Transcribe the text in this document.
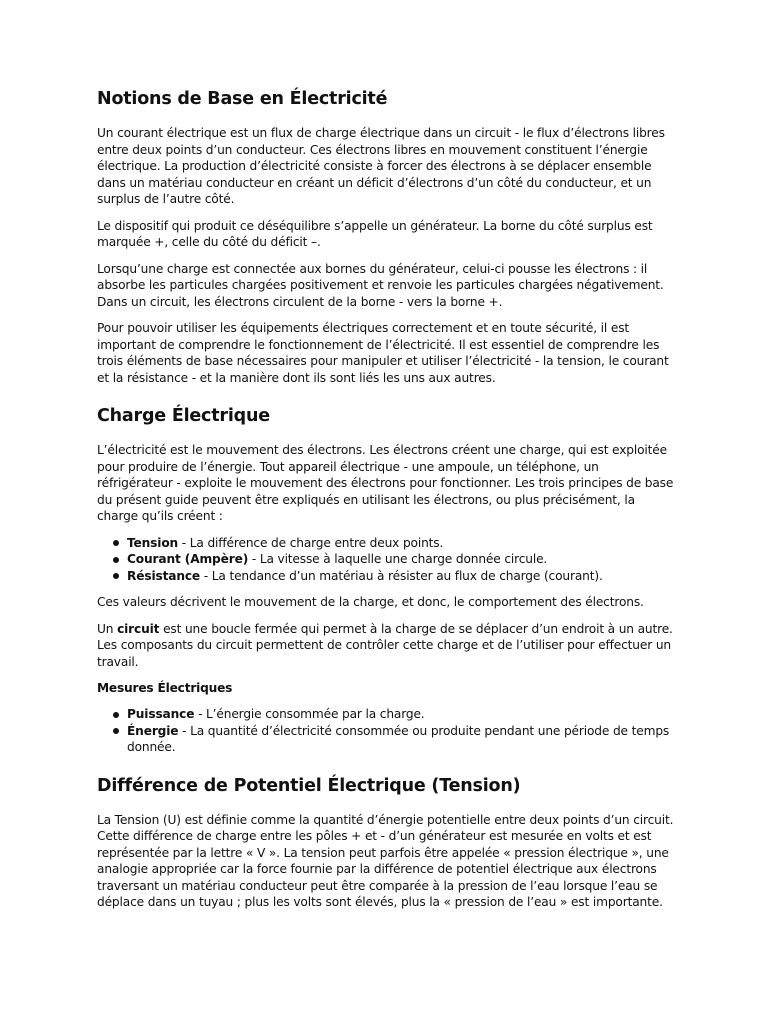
Notions de Base en Électricité

Un courant électrique est un flux de charge électrique dans un circuit - le flux d’électrons libres entre deux points d’un conducteur. Ces électrons libres en mouvement constituent l’énergie électrique. La production d’électricité consiste à forcer des électrons à se déplacer ensemble dans un matériau conducteur en créant un déficit d’électrons d’un côté du conducteur, et un surplus de l’autre côté.

Le dispositif qui produit ce déséquilibre s’appelle un générateur. La borne du côté surplus est marquée +, celle du côté du déficit –.

Lorsqu’une charge est connectée aux bornes du générateur, celui-ci pousse les électrons : il absorbe les particules chargées positivement et renvoie les particules chargées négativement. Dans un circuit, les électrons circulent de la borne - vers la borne +.

Pour pouvoir utiliser les équipements électriques correctement et en toute sécurité, il est important de comprendre le fonctionnement de l’électricité. Il est essentiel de comprendre les trois éléments de base nécessaires pour manipuler et utiliser l’électricité - la tension, le courant et la résistance - et la manière dont ils sont liés les uns aux autres.

Charge Électrique

L’électricité est le mouvement des électrons. Les électrons créent une charge, qui est exploitée pour produire de l’énergie. Tout appareil électrique - une ampoule, un téléphone, un réfrigérateur - exploite le mouvement des électrons pour fonctionner. Les trois principes de base du présent guide peuvent être expliqués en utilisant les électrons, ou plus précisément, la charge qu’ils créent :

Tension - La différence de charge entre deux points.
Courant (Ampère) - La vitesse à laquelle une charge donnée circule.
Résistance - La tendance d’un matériau à résister au flux de charge (courant).

Ces valeurs décrivent le mouvement de la charge, et donc, le comportement des électrons.

Un circuit est une boucle fermée qui permet à la charge de se déplacer d’un endroit à un autre. Les composants du circuit permettent de contrôler cette charge et de l’utiliser pour effectuer un travail.

Mesures Électriques
Puissance - L’énergie consommée par la charge.
Énergie - La quantité d’électricité consommée ou produite pendant une période de temps donnée.
Différence de Potentiel Électrique (Tension)

La Tension (U) est définie comme la quantité d’énergie potentielle entre deux points d’un circuit. Cette différence de charge entre les pôles + et - d’un générateur est mesurée en volts et est représentée par la lettre « V ». La tension peut parfois être appelée « pression électrique », une analogie appropriée car la force fournie par la différence de potentiel électrique aux électrons traversant un matériau conducteur peut être comparée à la pression de l’eau lorsque l’eau se déplace dans un tuyau ; plus les volts sont élevés, plus la « pression de l’eau » est importante.
